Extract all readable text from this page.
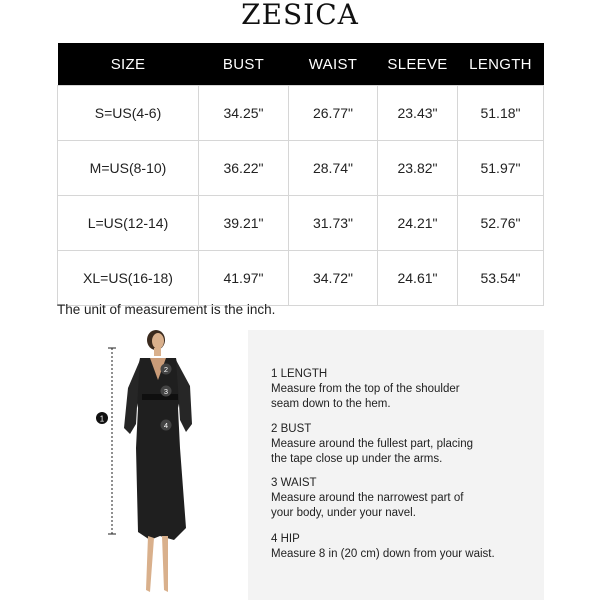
ZESICA
SIZE	BUST	WAIST	SLEEVE	LENGTH
S=US(4-6)	34.25"	26.77"	23.43"	51.18"
M=US(8-10)	36.22"	28.74"	23.82"	51.97"
L=US(12-14)	39.21"	31.73"	24.21"	52.76"
XL=US(16-18)	41.97"	34.72"	24.61"	53.54"
The unit of measurement is the inch.
1
2
3
4
1 LENGTH
Measure from the top of the shoulder
seam down to the hem.
2 BUST
Measure around the fullest part, placing
the tape close up under the arms.
3 WAIST
Measure around the narrowest part of
your body, under your navel.
4 HIP
Measure 8 in (20 cm) down from your waist.
